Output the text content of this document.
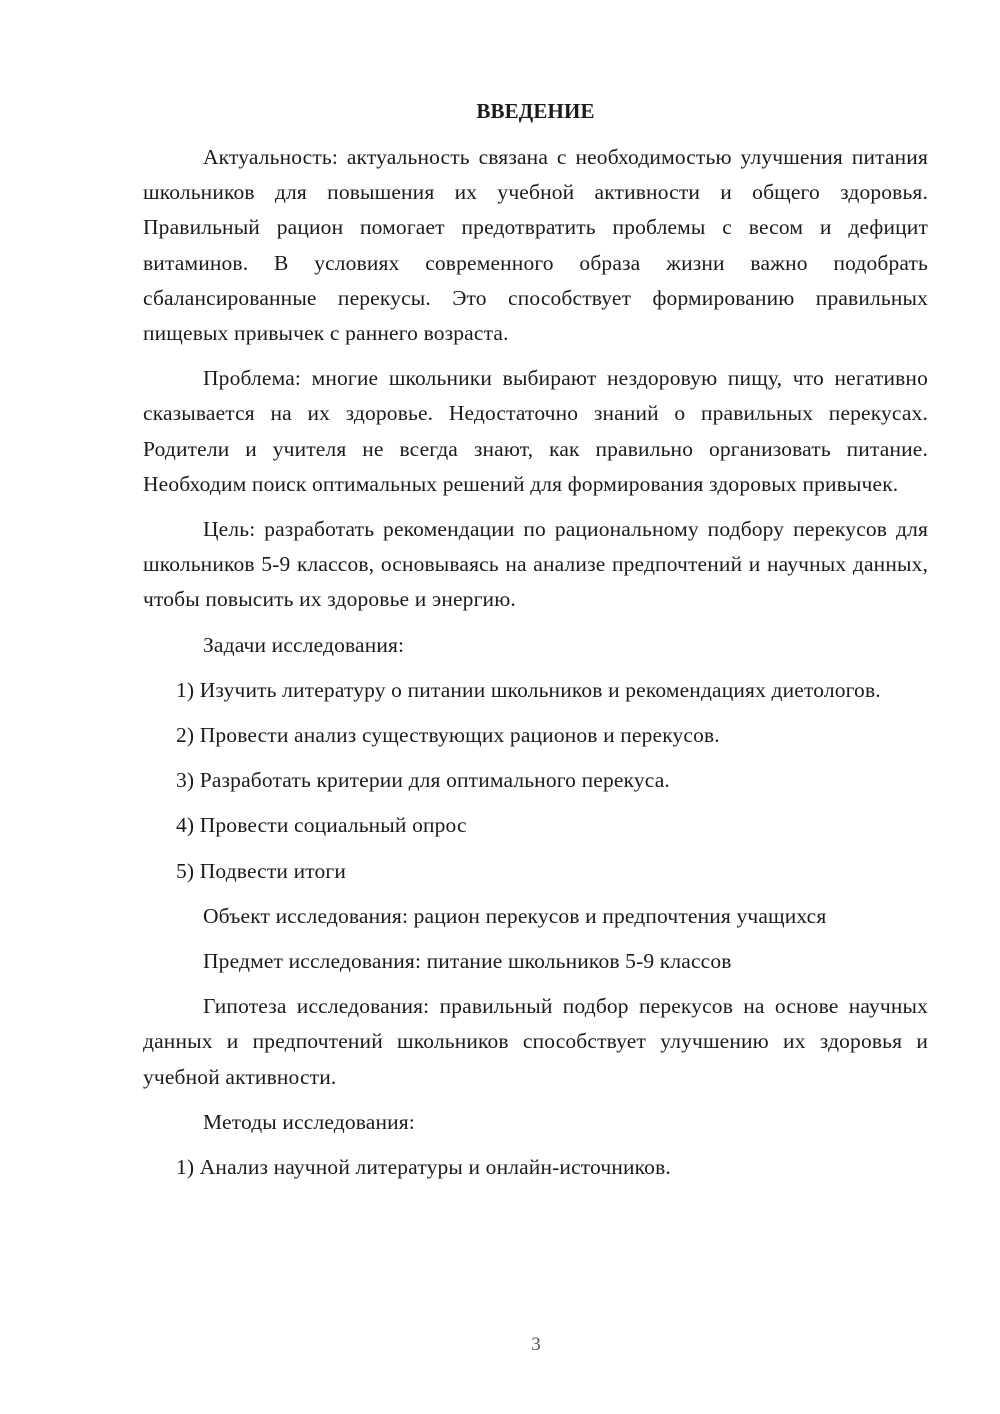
ВВЕДЕНИЕ

Актуальность: актуальность связана с необходимостью улучшения питания школьников для повышения их учебной активности и общего здоровья. Правильный рацион помогает предотвратить проблемы с весом и дефицит витаминов. В условиях современного образа жизни важно подобрать сбалансированные перекусы. Это способствует формированию правильных пищевых привычек с раннего возраста.

Проблема: многие школьники выбирают нездоровую пищу, что негативно сказывается на их здоровье. Недостаточно знаний о правильных перекусах. Родители и учителя не всегда знают, как правильно организовать питание. Необходим поиск оптимальных решений для формирования здоровых привычек.

Цель: разработать рекомендации по рациональному подбору перекусов для школьников 5-9 классов, основываясь на анализе предпочтений и научных данных, чтобы повысить их здоровье и энергию.

Задачи исследования:

1) Изучить литературу о питании школьников и рекомендациях диетологов.

2) Провести анализ существующих рационов и перекусов.

3) Разработать критерии для оптимального перекуса.

4) Провести социальный опрос

5) Подвести итоги

Объект исследования: рацион перекусов и предпочтения учащихся

Предмет исследования: питание школьников 5-9 классов

Гипотеза исследования: правильный подбор перекусов на основе научных данных и предпочтений школьников способствует улучшению их здоровья и учебной активности.

Методы исследования:

1) Анализ научной литературы и онлайн-источников.

3
